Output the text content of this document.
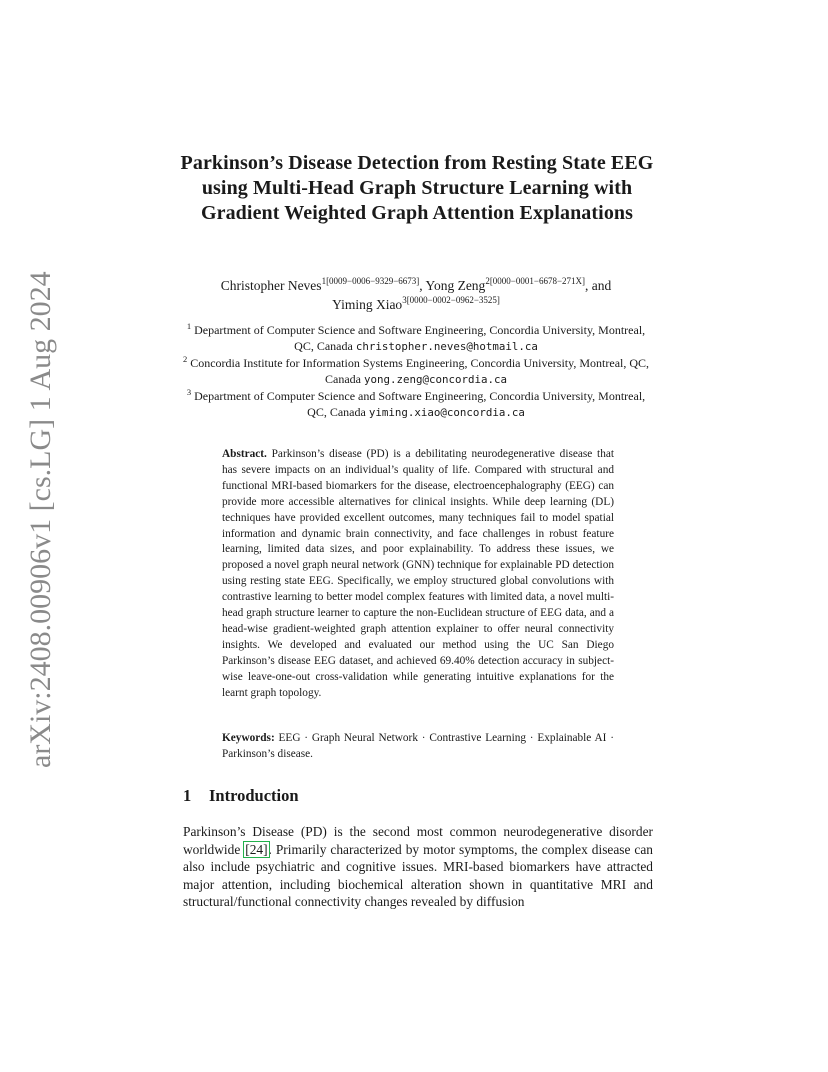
arXiv:2408.00906v1 [cs.LG] 1 Aug 2024
Parkinson’s Disease Detection from Resting State EEG using Multi-Head Graph Structure Learning with Gradient Weighted Graph Attention Explanations
Christopher Neves$^{1[0009-0006-9329-6673]}$, Yong Zeng$^{2[0000-0001-6678-271X]}$, and
Yiming Xiao$^{3[0000-0002-0962-3525]}$
$^1$ Department of Computer Science and Software Engineering, Concordia University, Montreal, QC, Canada christopher.neves@hotmail.ca
$^2$ Concordia Institute for Information Systems Engineering, Concordia University, Montreal, QC, Canada yong.zeng@concordia.ca
$^3$ Department of Computer Science and Software Engineering, Concordia University, Montreal, QC, Canada yiming.xiao@concordia.ca
Abstract. Parkinson’s disease (PD) is a debilitating neurodegenerative disease that has severe impacts on an individual’s quality of life. Compared with structural and functional MRI-based biomarkers for the disease, electroencephalography (EEG) can provide more accessible alternatives for clinical insights. While deep learning (DL) techniques have provided excellent outcomes, many techniques fail to model spatial information and dynamic brain connectivity, and face challenges in robust feature learning, limited data sizes, and poor explainability. To address these issues, we proposed a novel graph neural network (GNN) technique for explainable PD detection using resting state EEG. Specifically, we employ structured global convolutions with contrastive learning to better model complex features with limited data, a novel multi-head graph structure learner to capture the non-Euclidean structure of EEG data, and a head-wise gradient-weighted graph attention explainer to offer neural connectivity insights. We developed and evaluated our method using the UC San Diego Parkinson’s disease EEG dataset, and achieved 69.40% detection accuracy in subject-wise leave-one-out cross-validation while generating intuitive explanations for the learnt graph topology.
Keywords: EEG · Graph Neural Network · Contrastive Learning · Explainable AI · Parkinson’s disease.
1 Introduction
Parkinson’s Disease (PD) is the second most common neurodegenerative disorder worldwide [24]. Primarily characterized by motor symptoms, the complex disease can also include psychiatric and cognitive issues. MRI-based biomarkers have attracted major attention, including biochemical alteration shown in quantitative MRI and structural/functional connectivity changes revealed by diffusion
